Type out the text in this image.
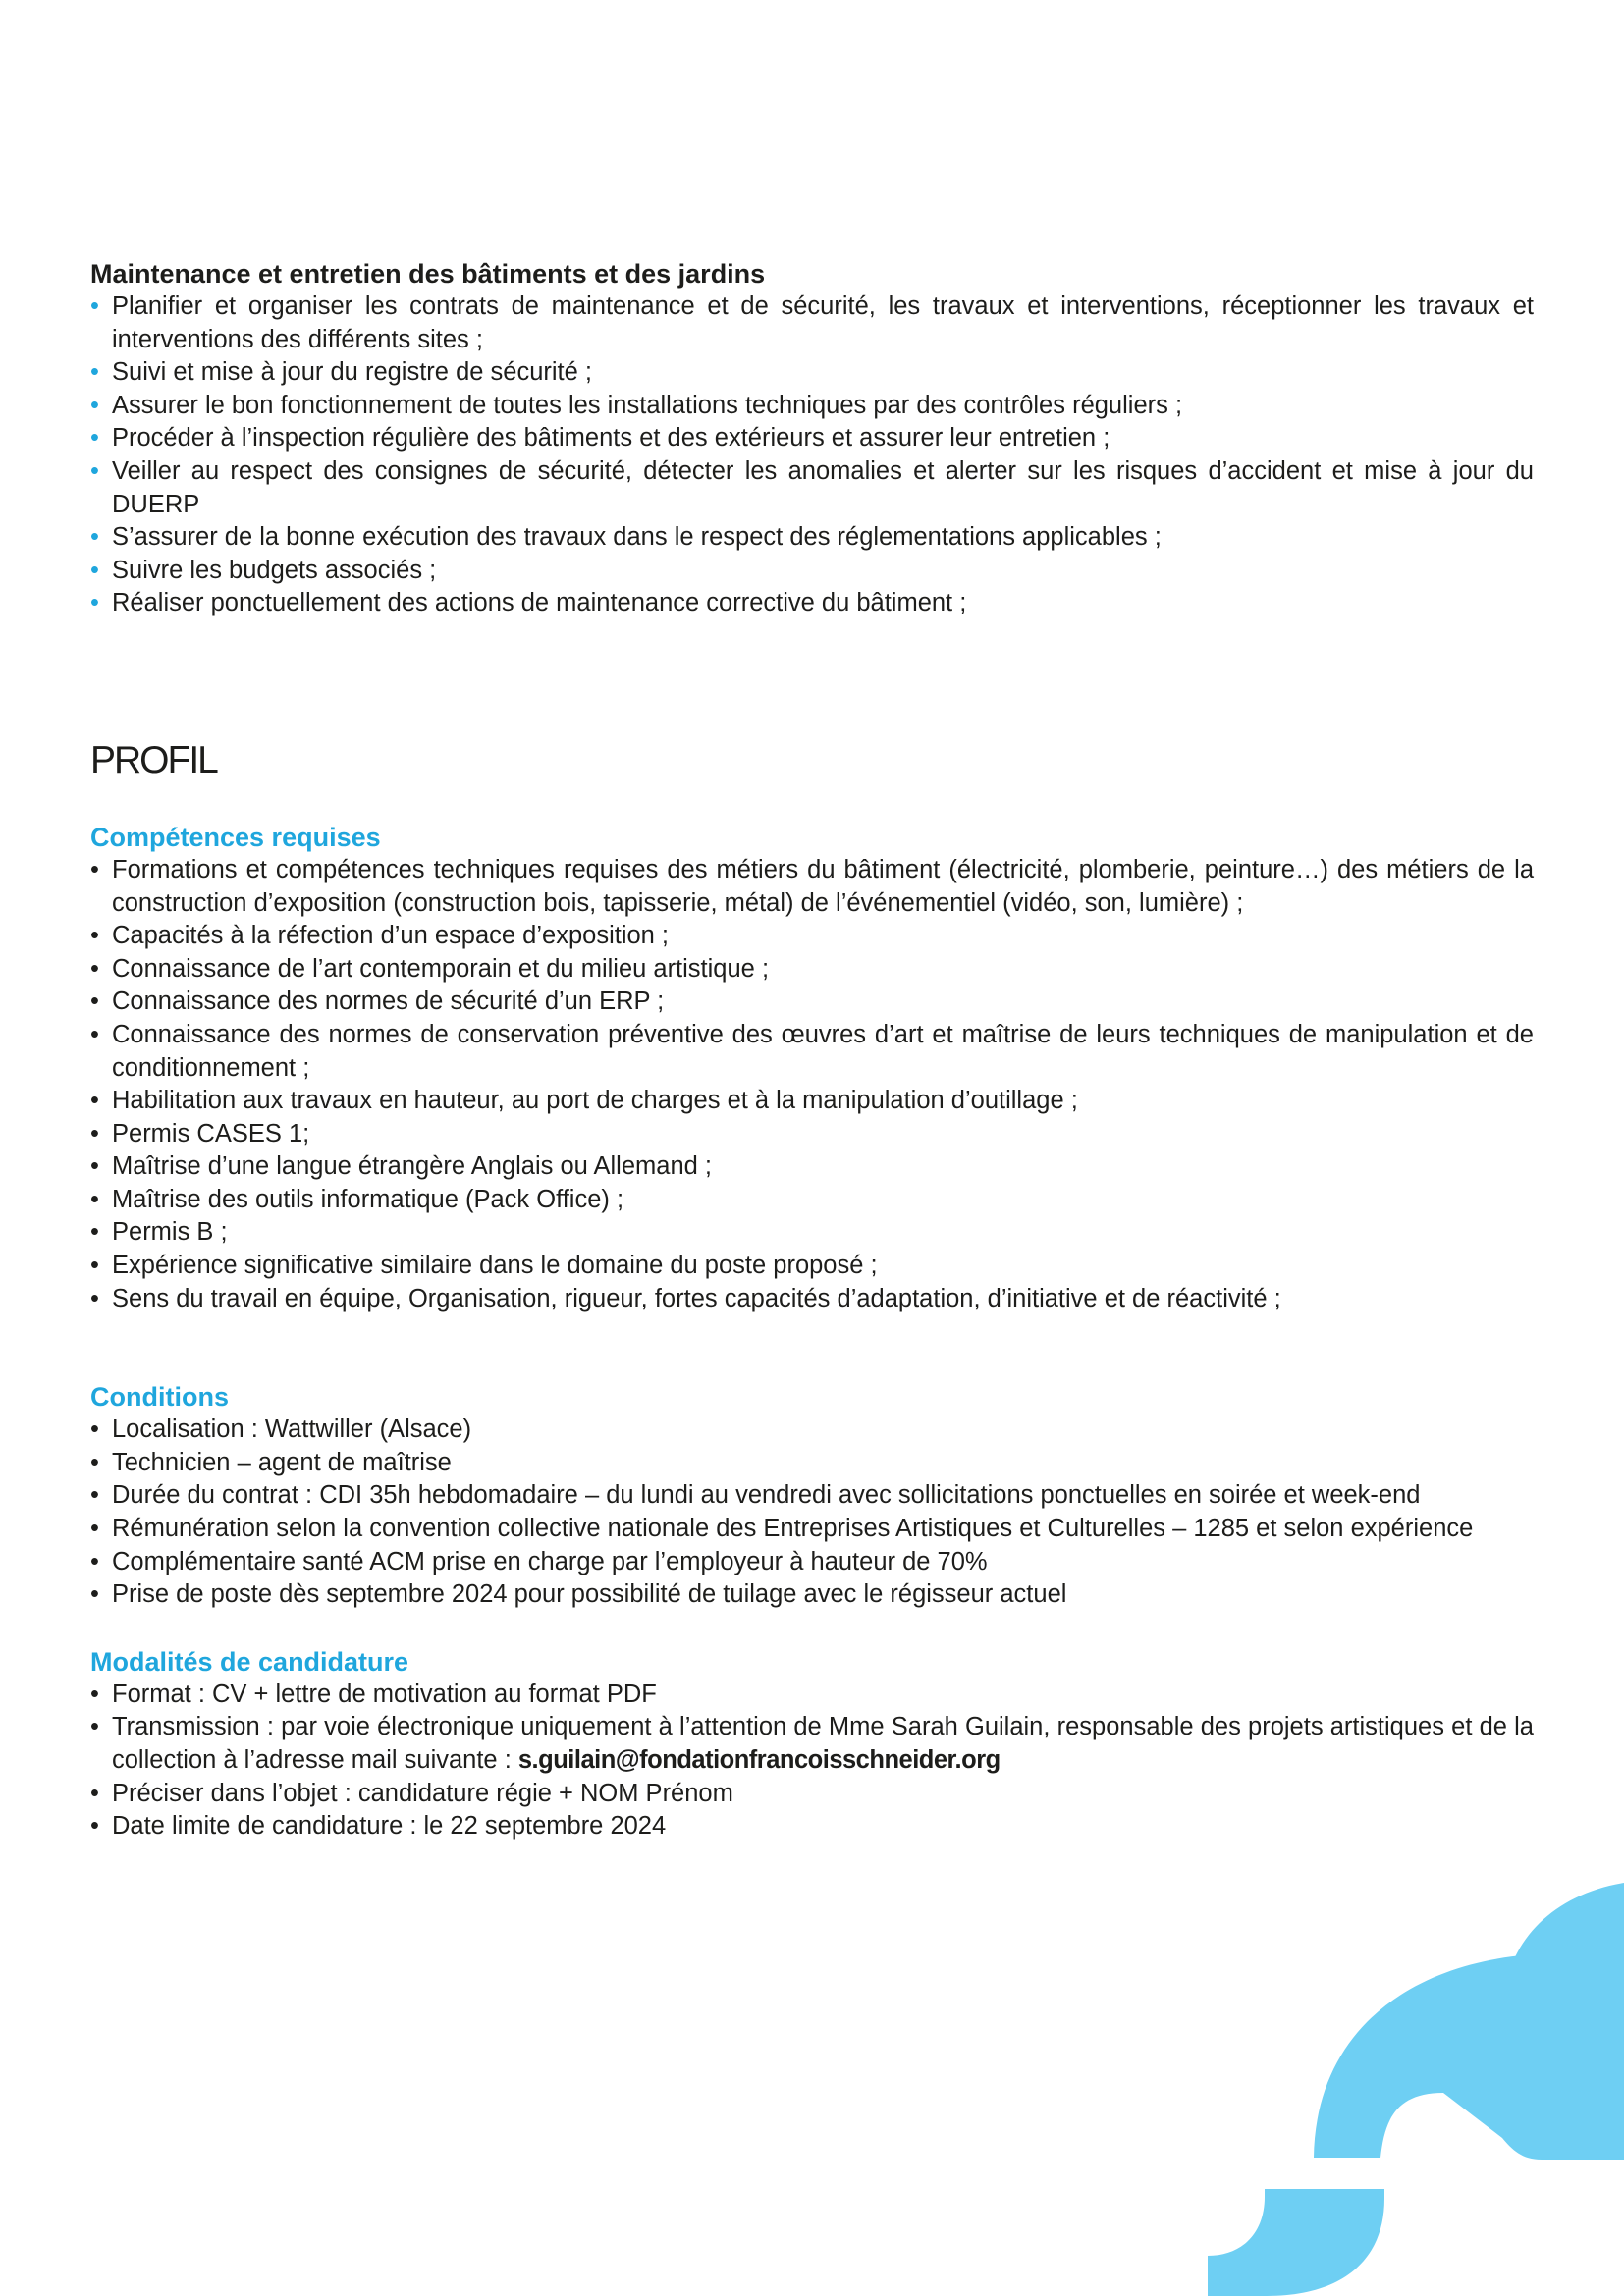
Maintenance et entretien des bâtiments et des jardins
• Planifier et organiser les contrats de maintenance et de sécurité, les travaux et interventions, réceptionner les travaux et interventions des différents sites ;
• Suivi et mise à jour du registre de sécurité ;
• Assurer le bon fonctionnement de toutes les installations techniques par des contrôles réguliers ;
• Procéder à l’inspection régulière des bâtiments et des extérieurs et assurer leur entretien ;
• Veiller au respect des consignes de sécurité, détecter les anomalies et alerter sur les risques d’accident et mise à jour du DUERP
• S’assurer de la bonne exécution des travaux dans le respect des réglementations applicables ;
• Suivre les budgets associés ;
• Réaliser ponctuellement des actions de maintenance corrective du bâtiment ;
PROFIL
Compétences requises
• Formations et compétences techniques requises des métiers du bâtiment (électricité, plomberie, peinture…) des métiers de la construction d’exposition (construction bois, tapisserie, métal) de l’événementiel (vidéo, son, lumière) ;
• Capacités à la réfection d’un espace d’exposition ;
• Connaissance de l’art contemporain et du milieu artistique ;
• Connaissance des normes de sécurité d’un ERP ;
• Connaissance des normes de conservation préventive des œuvres d’art et maîtrise de leurs techniques de manipulation et de conditionnement ;
• Habilitation aux travaux en hauteur, au port de charges et à la manipulation d’outillage ;
• Permis CASES 1;
• Maîtrise d’une langue étrangère Anglais ou Allemand ;
• Maîtrise des outils informatique (Pack Office) ;
• Permis B ;
• Expérience significative similaire dans le domaine du poste proposé ;
• Sens du travail en équipe, Organisation, rigueur, fortes capacités d’adaptation, d’initiative et de réactivité ;
Conditions
• Localisation : Wattwiller (Alsace)
• Technicien – agent de maîtrise
• Durée du contrat : CDI 35h hebdomadaire – du lundi au vendredi avec sollicitations ponctuelles en soirée et week-end
• Rémunération selon la convention collective nationale des Entreprises Artistiques et Culturelles – 1285 et selon expérience
• Complémentaire santé ACM prise en charge par l’employeur à hauteur de 70%
• Prise de poste dès septembre 2024 pour possibilité de tuilage avec le régisseur actuel
Modalités de candidature
• Format : CV + lettre de motivation au format PDF
• Transmission : par voie électronique uniquement à l’attention de Mme Sarah Guilain, responsable des projets artistiques et de la collection à l’adresse mail suivante : s.guilain@fondationfrancoisschneider.org
• Préciser dans l’objet : candidature régie + NOM Prénom
• Date limite de candidature : le 22 septembre 2024
